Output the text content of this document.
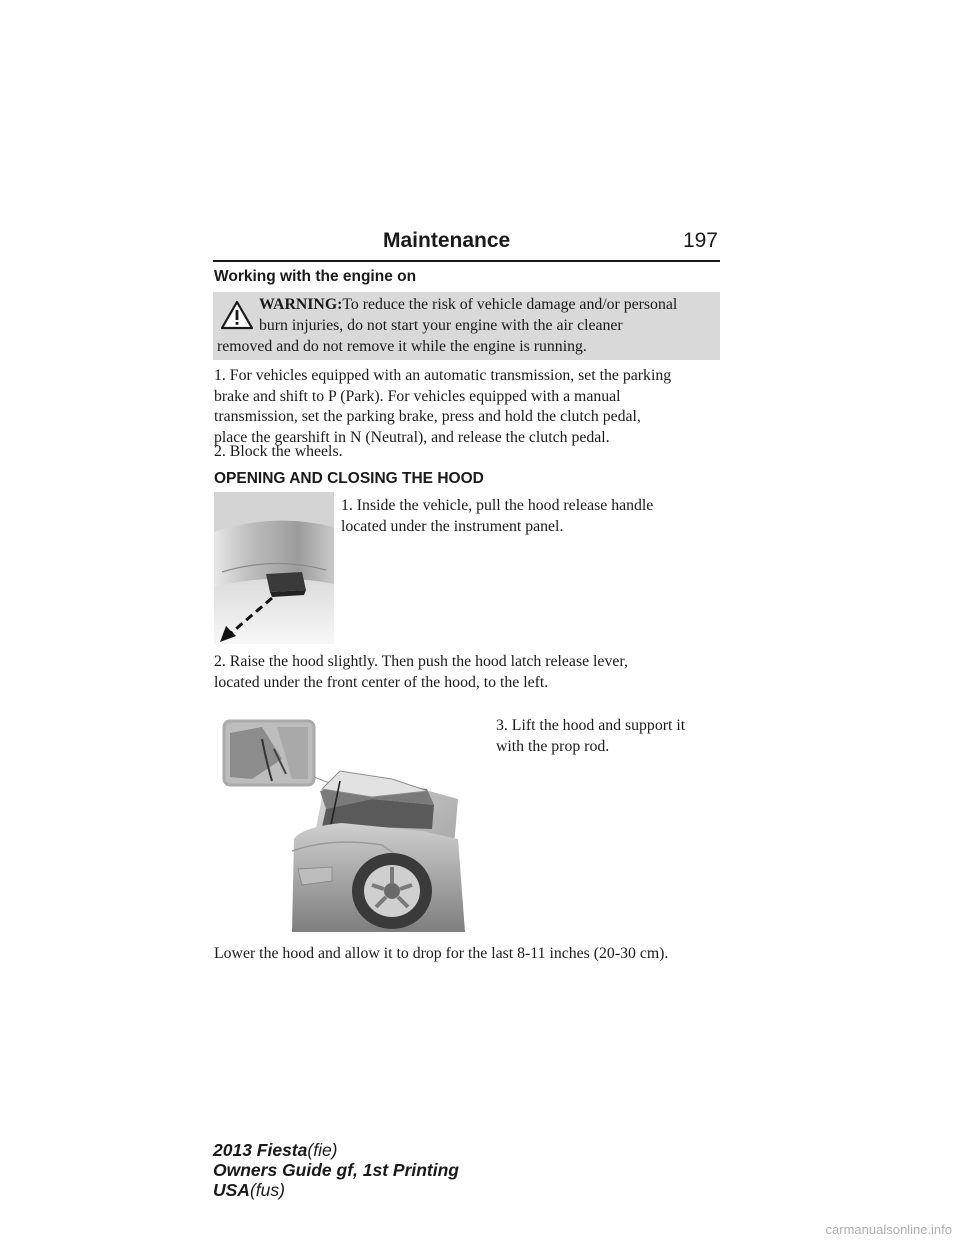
Maintenance	197
Working with the engine on
WARNING:To reduce the risk of vehicle damage and/or personal
burn injuries, do not start your engine with the air cleaner
removed and do not remove it while the engine is running.
1. For vehicles equipped with an automatic transmission, set the parking
brake and shift to P (Park). For vehicles equipped with a manual
transmission, set the parking brake, press and hold the clutch pedal,
place the gearshift in N (Neutral), and release the clutch pedal.
2. Block the wheels.
OPENING AND CLOSING THE HOOD
1. Inside the vehicle, pull the hood release handle
located under the instrument panel.
2. Raise the hood slightly. Then push the hood latch release lever,
located under the front center of the hood, to the left.
3. Lift the hood and support it
with the prop rod.
Lower the hood and allow it to drop for the last 8-11 inches (20-30 cm).
2013 Fiesta(fie)
Owners Guide gf, 1st Printing
USA(fus)
carmanualsonline.info
